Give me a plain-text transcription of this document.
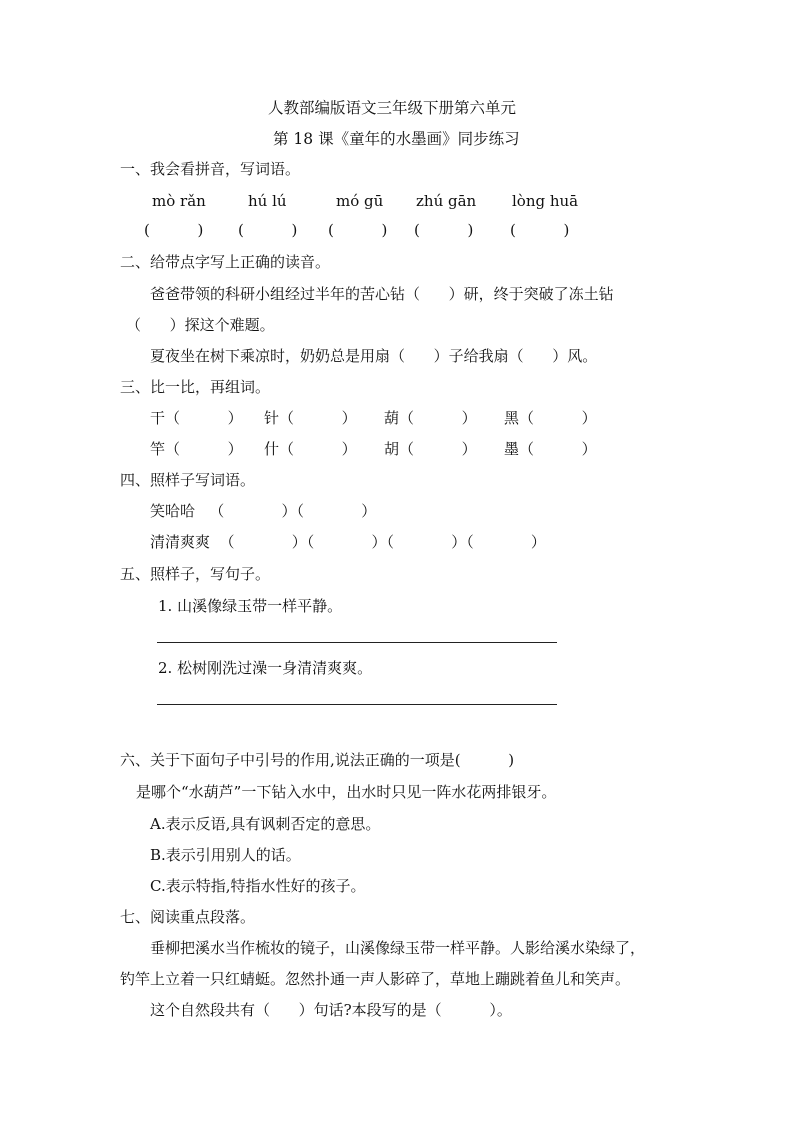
人教部编版语文三年级下册第六单元
第 18 课《童年的水墨画》同步练习
一、我会看拼音，写词语。
mò rǎn	hú lú	mó gū zhú gān lòng huā
(          ) (          ) (          ) (          ) (          )
二、给带点字写上正确的读音。
爸爸带领的科研小组经过半年的苦心钻（      ）研，终于突破了冻土钻
（      ）探这个难题。
夏夜坐在树下乘凉时，奶奶总是用扇（      ）子给我扇（      ）风。
三、比一比，再组词。
干（          ） 针（          ） 葫（          ） 黑（          ）
竿（          ） 什（          ） 胡（          ） 墨（          ）
四、照样子写词语。
笑哈哈   （            ）（            ）
清清爽爽  （            ）（            ）（            ）（            ）
五、照样子，写句子。
1. 山溪像绿玉带一样平静。
2. 松树刚洗过澡一身清清爽爽。
六、关于下面句子中引号的作用,说法正确的一项是(          )
是哪个“水葫芦”一下钻入水中，出水时只见一阵水花两排银牙。
A.表示反语,具有讽刺否定的意思。
B.表示引用别人的话。
C.表示特指,特指水性好的孩子。
七、阅读重点段落。
垂柳把溪水当作梳妆的镜子，山溪像绿玉带一样平静。人影给溪水染绿了，
钓竿上立着一只红蜻蜓。忽然扑通一声人影碎了，草地上蹦跳着鱼儿和笑声。
这个自然段共有（      ）句话?本段写的是（          ）。
